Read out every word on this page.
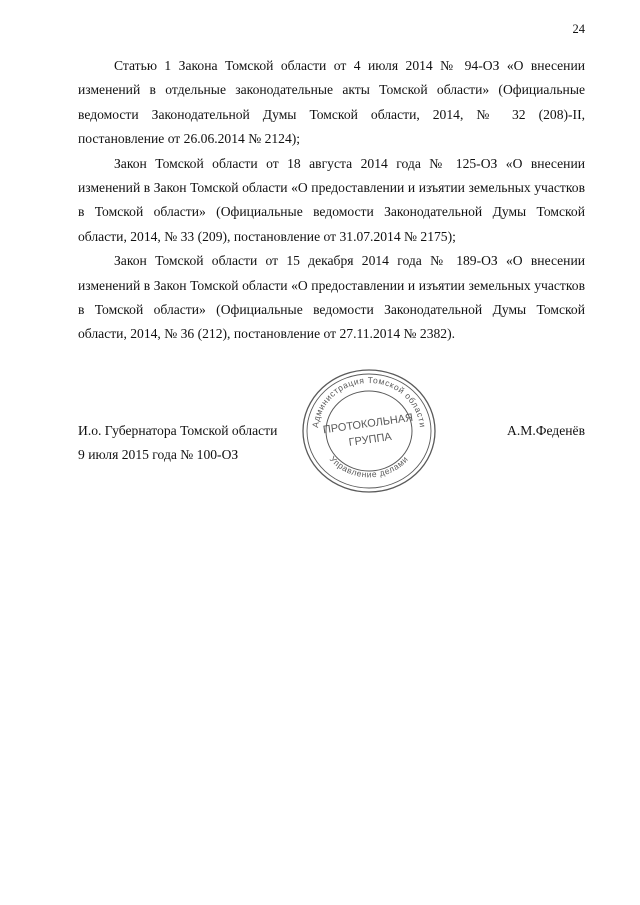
24

Статью 1 Закона Томской области от 4 июля 2014 № 94-ОЗ «О внесении изменений в отдельные законодательные акты Томской области» (Официальные ведомости Законодательной Думы Томской области, 2014, № 32 (208)-II, постановление от 26.06.2014 № 2124);

Закон Томской области от 18 августа 2014 года № 125-ОЗ «О внесении изменений в Закон Томской области «О предоставлении и изъятии земельных участков в Томской области» (Официальные ведомости Законодательной Думы Томской области, 2014, № 33 (209), постановление от 31.07.2014 № 2175);

Закон Томской области от 15 декабря 2014 года № 189-ОЗ «О внесении изменений в Закон Томской области «О предоставлении и изъятии земельных участков в Томской области» (Официальные ведомости Законодательной Думы Томской области, 2014, № 36 (212), постановление от 27.11.2014 № 2382).

И.о. Губернатора Томской области	А.М.Феденёв
9 июля 2015 года № 100-ОЗ
Администрация Томской области
Управление делами
ПРОТОКОЛЬНАЯ
ГРУППА
